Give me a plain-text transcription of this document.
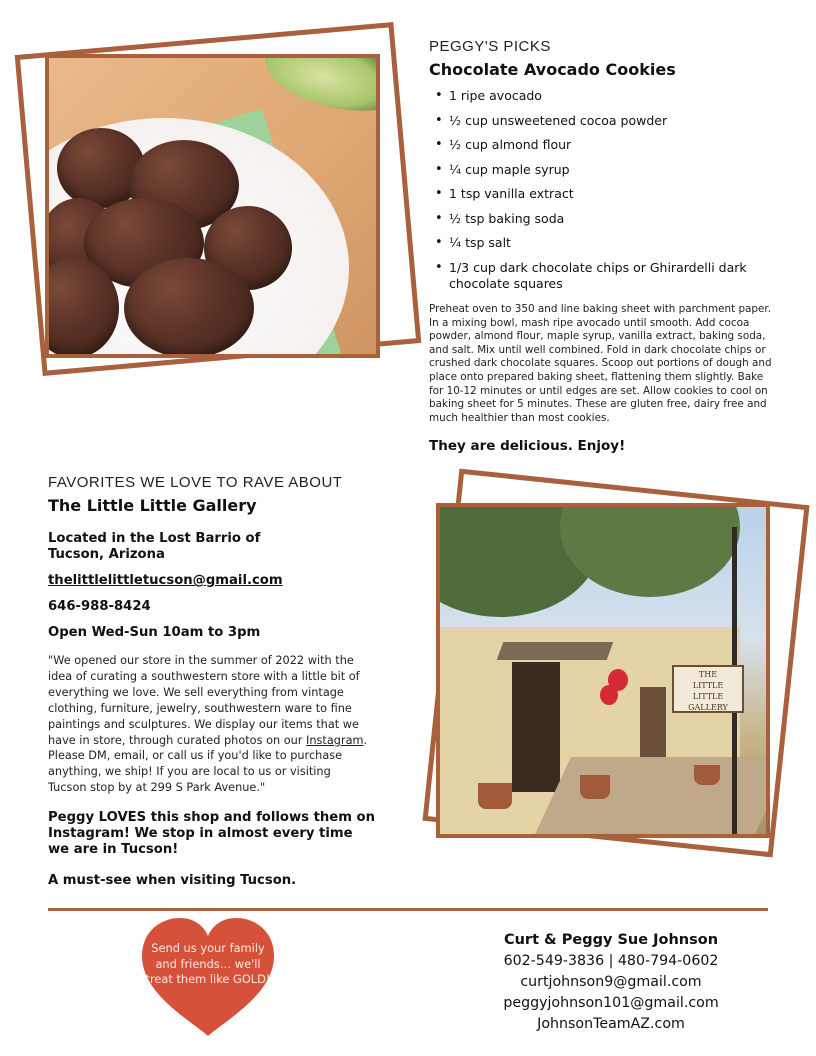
PEGGY'S PICKS
Chocolate Avocado Cookies
• 1 ripe avocado
• ½ cup unsweetened cocoa powder
• ½ cup almond flour
• ¼ cup maple syrup
• 1 tsp vanilla extract
• ½ tsp baking soda
• ¼ tsp salt
• 1/3 cup dark chocolate chips or Ghirardelli dark chocolate squares
Preheat oven to 350 and line baking sheet with parchment paper. In a mixing bowl, mash ripe avocado until smooth. Add cocoa powder, almond flour, maple syrup, vanilla extract, baking soda, and salt. Mix until well combined. Fold in dark chocolate chips or crushed dark chocolate squares. Scoop out portions of dough and place onto prepared baking sheet, flattening them slightly. Bake for 10-12 minutes or until edges are set. Allow cookies to cool on baking sheet for 5 minutes. These are gluten free, dairy free and much healthier than most cookies.
They are delicious. Enjoy!
FAVORITES WE LOVE TO RAVE ABOUT
The Little Little Gallery
Located in the Lost Barrio of
Tucson, Arizona
thelittlelittletucson@gmail.com
646-988-8424
Open Wed-Sun 10am to 3pm
"We opened our store in the summer of 2022 with the idea of curating a southwestern store with a little bit of everything we love. We sell everything from vintage clothing, furniture, jewelry, southwestern ware to fine paintings and sculptures. We display our items that we have in store, through curated photos on our Instagram. Please DM, email, or call us if you'd like to purchase anything, we ship! If you are local to us or visiting Tucson stop by at 299 S Park Avenue."
Peggy LOVES this shop and follows them on Instagram! We stop in almost every time we are in Tucson!
A must-see when visiting Tucson.
THE
LITTLE
LITTLE
GALLERY
Send us your family and friends… we'll treat them like GOLD!
Curt & Peggy Sue Johnson
602-549-3836 | 480-794-0602
curtjohnson9@gmail.com
peggyjohnson101@gmail.com
JohnsonTeamAZ.com
